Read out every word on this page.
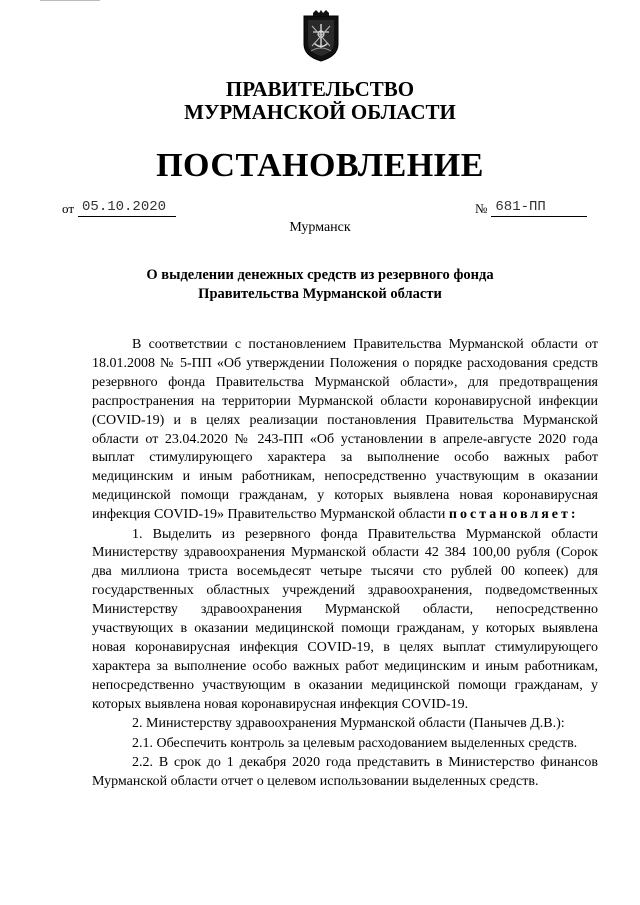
ПРАВИТЕЛЬСТВО
МУРМАНСКОЙ ОБЛАСТИ
ПОСТАНОВЛЕНИЕ
от 05.10.2020	№ 681-ПП
Мурманск
О выделении денежных средств из резервного фонда
Правительства Мурманской области

В соответствии с постановлением Правительства Мурманской области от 18.01.2008 № 5-ПП «Об утверждении Положения о порядке расходования средств резервного фонда Правительства Мурманской области», для предотвращения распространения на территории Мурманской области коронавирусной инфекции (COVID-19) и в целях реализации постановления Правительства Мурманской области от 23.04.2020 № 243-ПП «Об установлении в апреле-августе 2020 года выплат стимулирующего характера за выполнение особо важных работ медицинским и иным работникам, непосредственно участвующим в оказании медицинской помощи гражданам, у которых выявлена новая коронавирусная инфекция COVID-19» Правительство Мурманской области постановляет:

1. Выделить из резервного фонда Правительства Мурманской области Министерству здравоохранения Мурманской области 42 384 100,00 рубля (Сорок два миллиона триста восемьдесят четыре тысячи сто рублей 00 копеек) для государственных областных учреждений здравоохранения, подведомственных Министерству здравоохранения Мурманской области, непосредственно участвующих в оказании медицинской помощи гражданам, у которых выявлена новая коронавирусная инфекция COVID-19, в целях выплат стимулирующего характера за выполнение особо важных работ медицинским и иным работникам, непосредственно участвующим в оказании медицинской помощи гражданам, у которых выявлена новая коронавирусная инфекция COVID-19.

2. Министерству здравоохранения Мурманской области (Панычев Д.В.):

2.1. Обеспечить контроль за целевым расходованием выделенных средств.

2.2. В срок до 1 декабря 2020 года представить в Министерство финансов Мурманской области отчет о целевом использовании выделенных средств.
